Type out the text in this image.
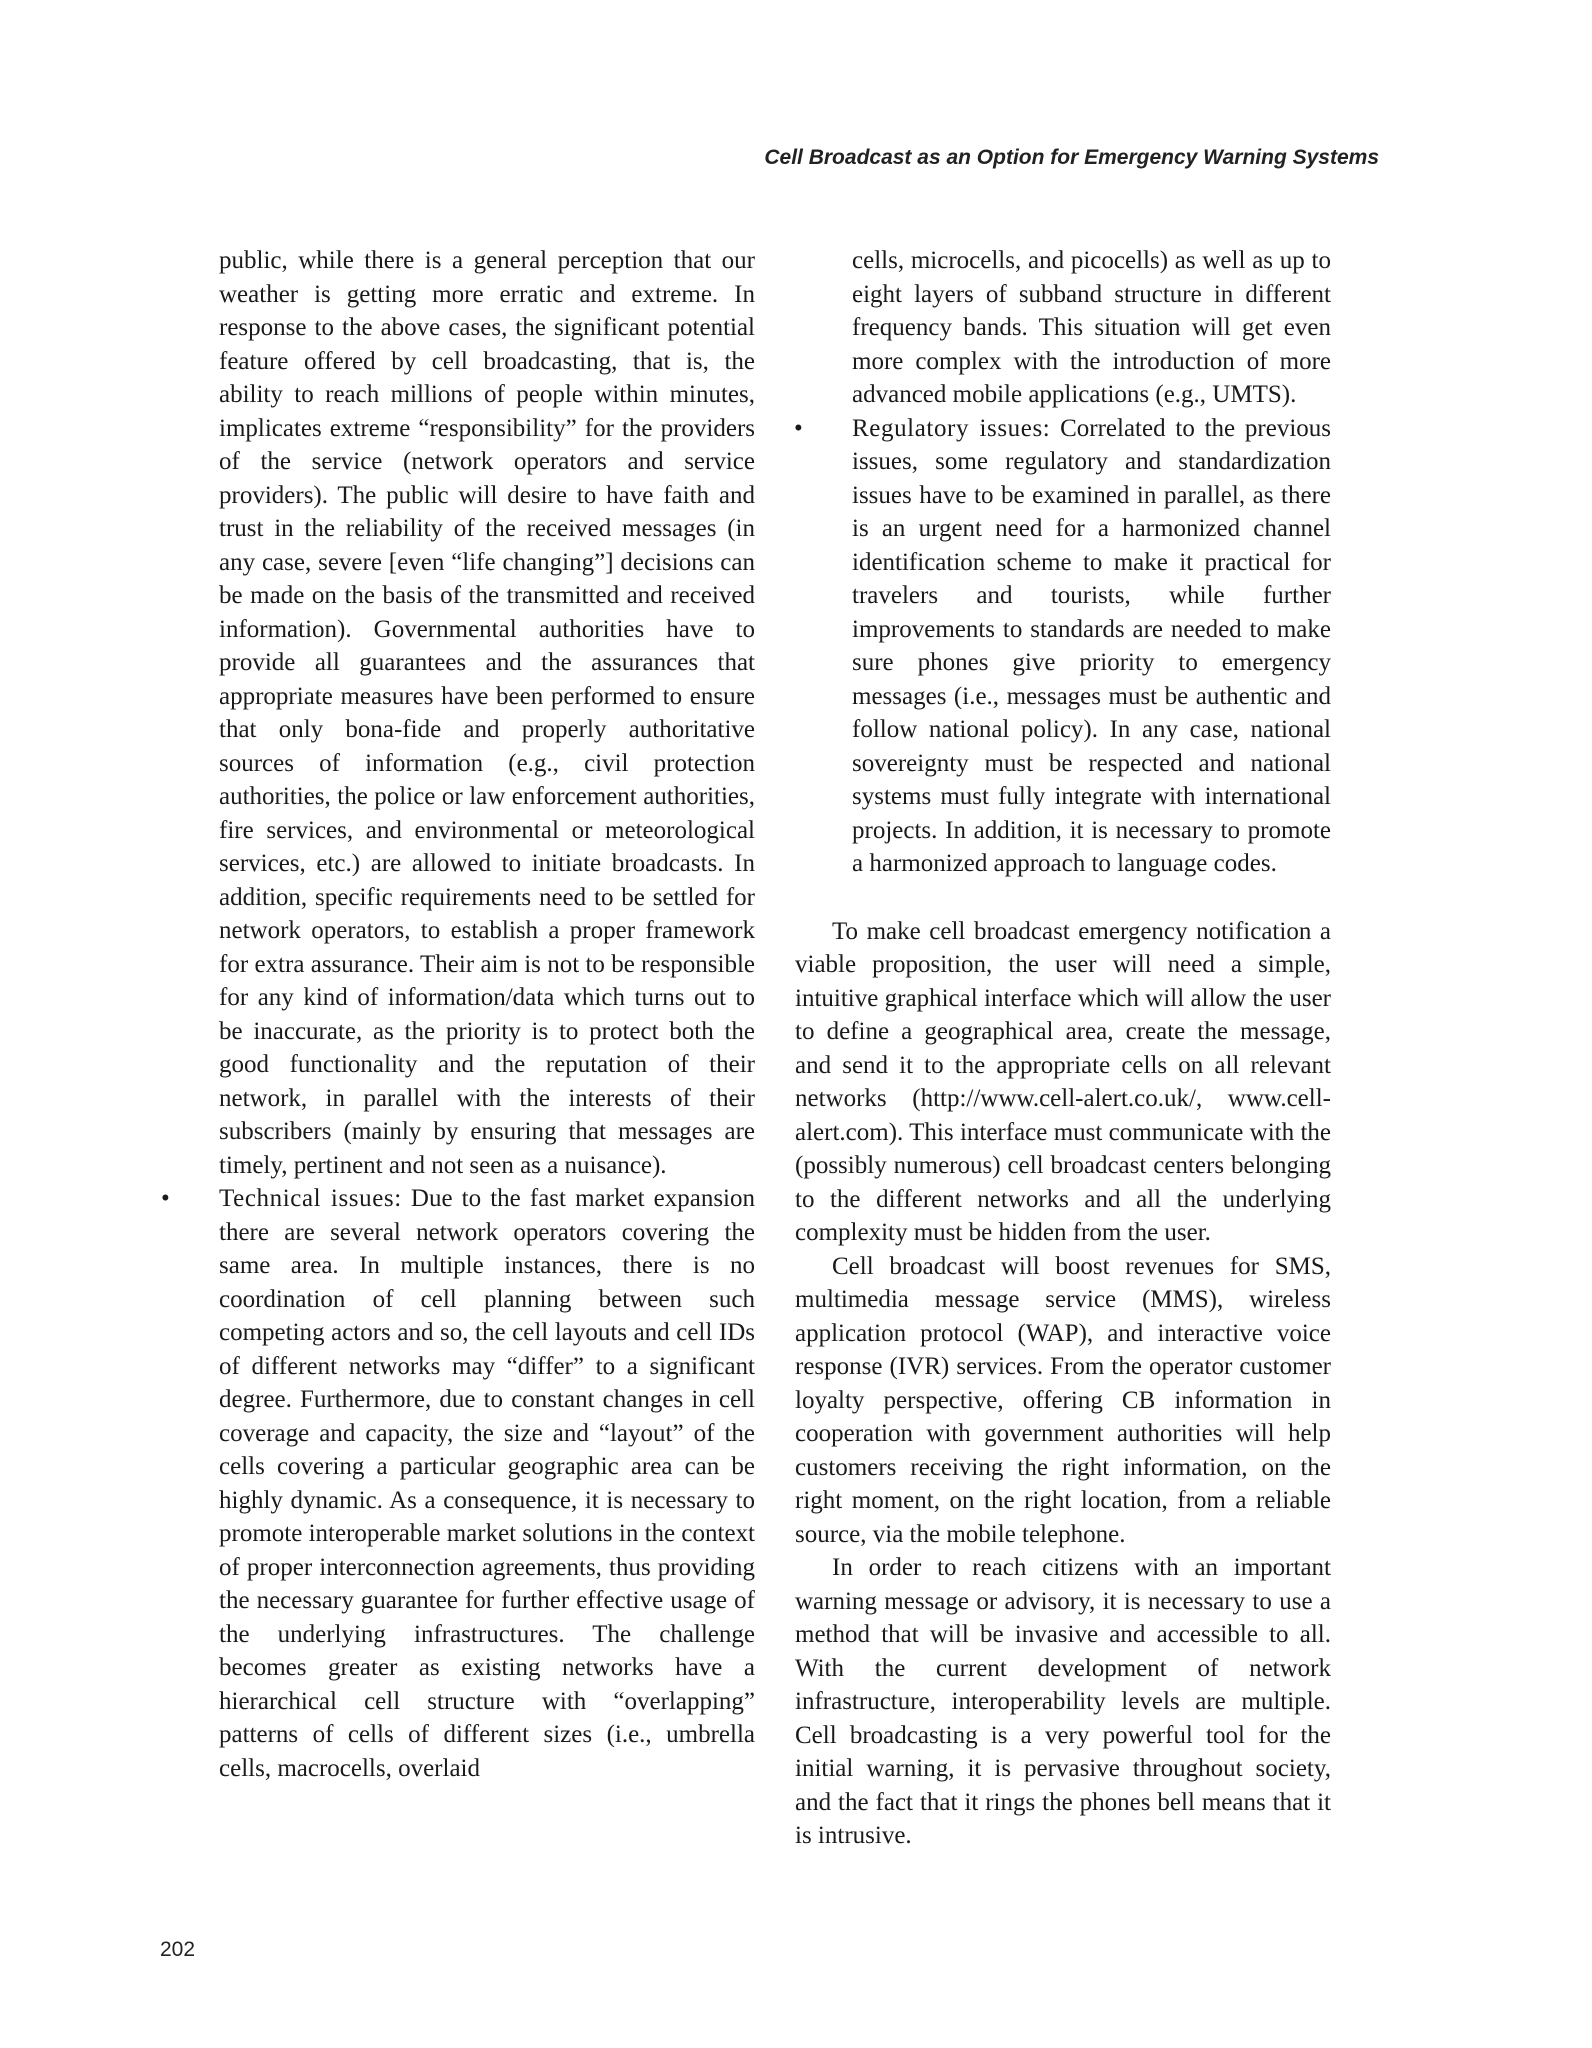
Cell Broadcast as an Option for Emergency Warning Systems

public, while there is a general perception that our weather is getting more erratic and extreme. In response to the above cases, the significant potential feature offered by cell broadcasting, that is, the ability to reach millions of people within minutes, implicates extreme “responsibility” for the providers of the service (network operators and service providers). The public will desire to have faith and trust in the reliability of the received messages (in any case, severe [even “life changing”] decisions can be made on the basis of the transmitted and received information). Governmental authorities have to provide all guarantees and the assurances that appropriate measures have been performed to ensure that only bona-fide and properly authoritative sources of information (e.g., civil protection authorities, the police or law enforcement authorities, fire services, and environmental or meteorological services, etc.) are allowed to initiate broadcasts. In addition, specific requirements need to be settled for network operators, to establish a proper framework for extra assurance. Their aim is not to be responsible for any kind of information/data which turns out to be inaccurate, as the priority is to protect both the good functionality and the reputation of their network, in parallel with the interests of their subscribers (mainly by ensuring that messages are timely, pertinent and not seen as a nuisance).

• Technical issues: Due to the fast market expansion there are several network operators covering the same area. In multiple instances, there is no coordination of cell planning between such competing actors and so, the cell layouts and cell IDs of different networks may “differ” to a significant degree. Furthermore, due to constant changes in cell coverage and capacity, the size and “layout” of the cells covering a particular geographic area can be highly dynamic. As a consequence, it is necessary to promote interoperable market solutions in the context of proper interconnection agreements, thus providing the necessary guarantee for further effective usage of the underlying infrastructures. The challenge becomes greater as existing networks have a hierarchical cell structure with “overlapping” patterns of cells of different sizes (i.e., umbrella cells, macrocells, overlaid

cells, microcells, and picocells) as well as up to eight layers of subband structure in different frequency bands. This situation will get even more complex with the introduction of more advanced mobile applications (e.g., UMTS).

• Regulatory issues: Correlated to the previous issues, some regulatory and standardization issues have to be examined in parallel, as there is an urgent need for a harmonized channel identification scheme to make it practical for travelers and tourists, while further improvements to standards are needed to make sure phones give priority to emergency messages (i.e., messages must be authentic and follow national policy). In any case, national sovereignty must be respected and national systems must fully integrate with international projects. In addition, it is necessary to promote a harmonized approach to language codes.

To make cell broadcast emergency notification a viable proposition, the user will need a simple, intuitive graphical interface which will allow the user to define a geographical area, create the message, and send it to the appropriate cells on all relevant networks (http://www.cell-alert.co.uk/, www.cell-alert.com). This interface must communicate with the (possibly numerous) cell broadcast centers belonging to the different networks and all the underlying complexity must be hidden from the user.

Cell broadcast will boost revenues for SMS, multimedia message service (MMS), wireless application protocol (WAP), and interactive voice response (IVR) services. From the operator customer loyalty perspective, offering CB information in cooperation with government authorities will help customers receiving the right information, on the right moment, on the right location, from a reliable source, via the mobile telephone.

In order to reach citizens with an important warning message or advisory, it is necessary to use a method that will be invasive and accessible to all. With the current development of network infrastructure, interoperability levels are multiple. Cell broadcasting is a very powerful tool for the initial warning, it is pervasive throughout society, and the fact that it rings the phones bell means that it is intrusive.

202
